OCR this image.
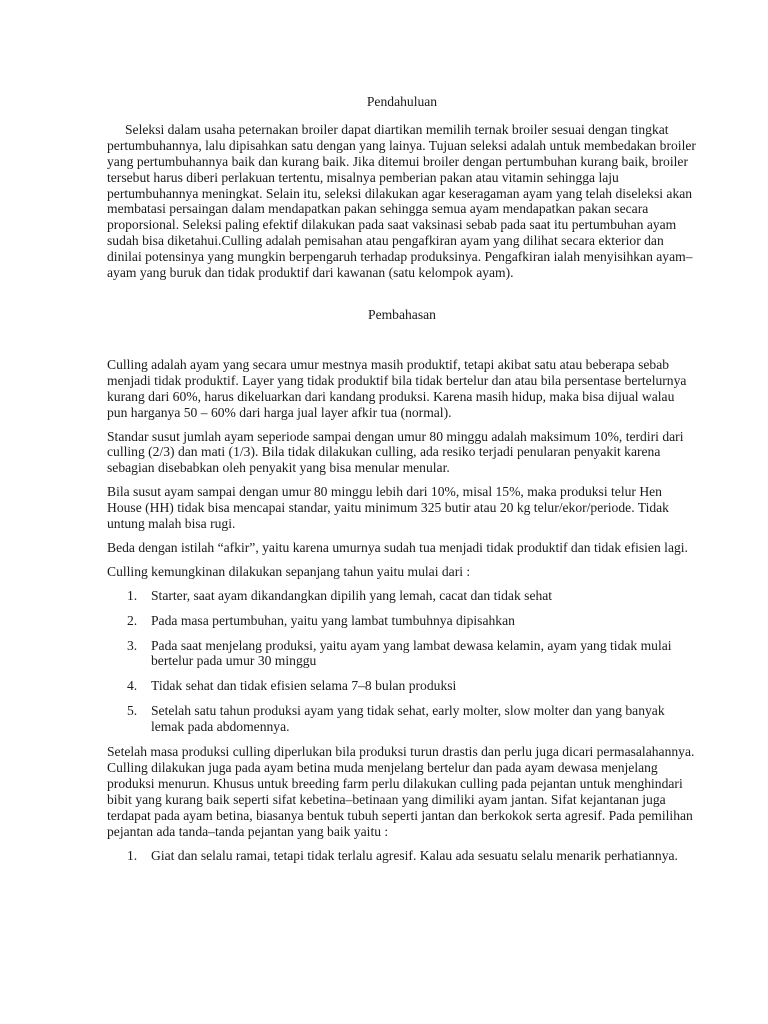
Pendahuluan

Seleksi dalam usaha peternakan broiler dapat diartikan memilih ternak broiler sesuai dengan tingkat pertumbuhannya, lalu dipisahkan satu dengan yang lainya. Tujuan seleksi adalah untuk membedakan broiler yang pertumbuhannya baik dan kurang baik. Jika ditemui broiler dengan pertumbuhan kurang baik, broiler tersebut harus diberi perlakuan tertentu, misalnya pemberian pakan atau vitamin sehingga laju pertumbuhannya meningkat. Selain itu, seleksi dilakukan agar keseragaman ayam yang telah diseleksi akan membatasi persaingan dalam mendapatkan pakan sehingga semua ayam mendapatkan pakan secara proporsional. Seleksi paling efektif dilakukan pada saat vaksinasi sebab pada saat itu pertumbuhan ayam sudah bisa diketahui.Culling adalah pemisahan atau pengafkiran ayam yang dilihat secara ekterior dan dinilai potensinya yang mungkin berpengaruh terhadap produksinya. Pengafkiran ialah menyisihkan ayam–ayam yang buruk dan tidak produktif dari kawanan (satu kelompok ayam).

Pembahasan

Culling adalah ayam yang secara umur mestnya masih produktif, tetapi akibat satu atau beberapa sebab menjadi tidak produktif. Layer yang tidak produktif bila tidak bertelur dan atau bila persentase bertelurnya kurang dari 60%, harus dikeluarkan dari kandang produksi. Karena masih hidup, maka bisa dijual walau pun harganya 50 – 60% dari harga jual layer afkir tua (normal).

Standar susut jumlah ayam seperiode sampai dengan umur 80 minggu adalah maksimum 10%, terdiri dari culling (2/3) dan mati (1/3). Bila tidak dilakukan culling, ada resiko terjadi penularan penyakit karena sebagian disebabkan oleh penyakit yang bisa menular menular.

Bila susut ayam sampai dengan umur 80 minggu lebih dari 10%, misal 15%, maka produksi telur Hen House (HH) tidak bisa mencapai standar, yaitu minimum 325 butir atau 20 kg telur/ekor/periode. Tidak untung malah bisa rugi.

Beda dengan istilah “afkir”, yaitu karena umurnya sudah tua menjadi tidak produktif dan tidak efisien lagi.

Culling kemungkinan dilakukan sepanjang tahun yaitu mulai dari :

1. Starter, saat ayam dikandangkan dipilih yang lemah, cacat dan tidak sehat
2. Pada masa pertumbuhan, yaitu yang lambat tumbuhnya dipisahkan
3. Pada saat menjelang produksi, yaitu ayam yang lambat dewasa kelamin, ayam yang tidak mulai bertelur pada umur 30 minggu
4. Tidak sehat dan tidak efisien selama 7–8 bulan produksi
5. Setelah satu tahun produksi ayam yang tidak sehat, early molter, slow molter dan yang banyak lemak pada abdomennya.

Setelah masa produksi culling diperlukan bila produksi turun drastis dan perlu juga dicari permasalahannya. Culling dilakukan juga pada ayam betina muda menjelang bertelur dan pada ayam dewasa menjelang produksi menurun. Khusus untuk breeding farm perlu dilakukan culling pada pejantan untuk menghindari bibit yang kurang baik seperti sifat kebetina–betinaan yang dimiliki ayam jantan. Sifat kejantanan juga terdapat pada ayam betina, biasanya bentuk tubuh seperti jantan dan berkokok serta agresif. Pada pemilihan pejantan ada tanda–tanda pejantan yang baik yaitu :

1. Giat dan selalu ramai, tetapi tidak terlalu agresif. Kalau ada sesuatu selalu menarik perhatiannya.
